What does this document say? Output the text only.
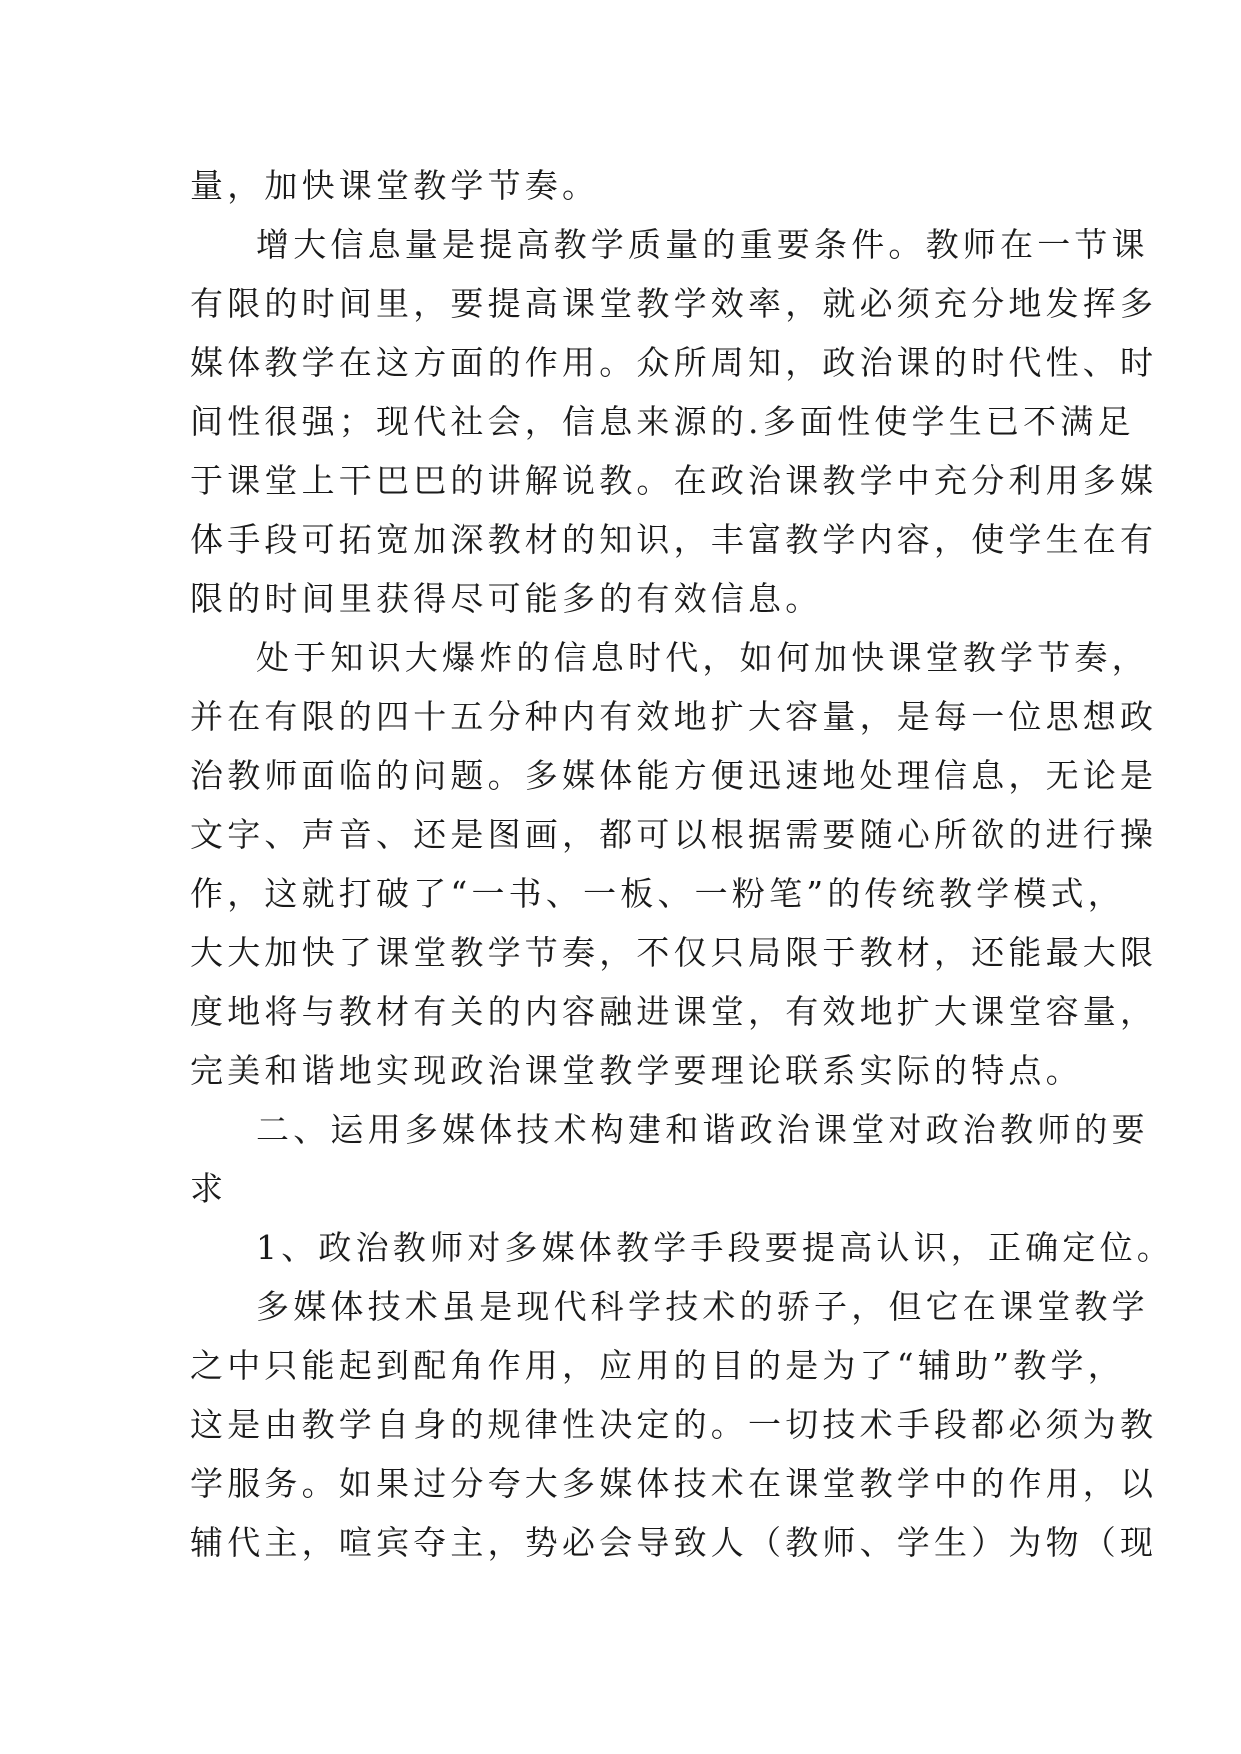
量，加快课堂教学节奏。
增大信息量是提高教学质量的重要条件。教师在一节课
有限的时间里，要提高课堂教学效率，就必须充分地发挥多
媒体教学在这方面的作用。众所周知，政治课的时代性、时
间性很强；现代社会，信息来源的.多面性使学生已不满足
于课堂上干巴巴的讲解说教。在政治课教学中充分利用多媒
体手段可拓宽加深教材的知识，丰富教学内容，使学生在有
限的时间里获得尽可能多的有效信息。
处于知识大爆炸的信息时代，如何加快课堂教学节奏，
并在有限的四十五分种内有效地扩大容量，是每一位思想政
治教师面临的问题。多媒体能方便迅速地处理信息，无论是
文字、声音、还是图画，都可以根据需要随心所欲的进行操
作，这就打破了“一书、一板、一粉笔”的传统教学模式，
大大加快了课堂教学节奏，不仅只局限于教材，还能最大限
度地将与教材有关的内容融进课堂，有效地扩大课堂容量，
完美和谐地实现政治课堂教学要理论联系实际的特点。
二、运用多媒体技术构建和谐政治课堂对政治教师的要
求
1、政治教师对多媒体教学手段要提高认识，正确定位。
多媒体技术虽是现代科学技术的骄子，但它在课堂教学
之中只能起到配角作用，应用的目的是为了“辅助”教学，
这是由教学自身的规律性决定的。一切技术手段都必须为教
学服务。如果过分夸大多媒体技术在课堂教学中的作用，以
辅代主，喧宾夺主，势必会导致人（教师、学生）为物（现
